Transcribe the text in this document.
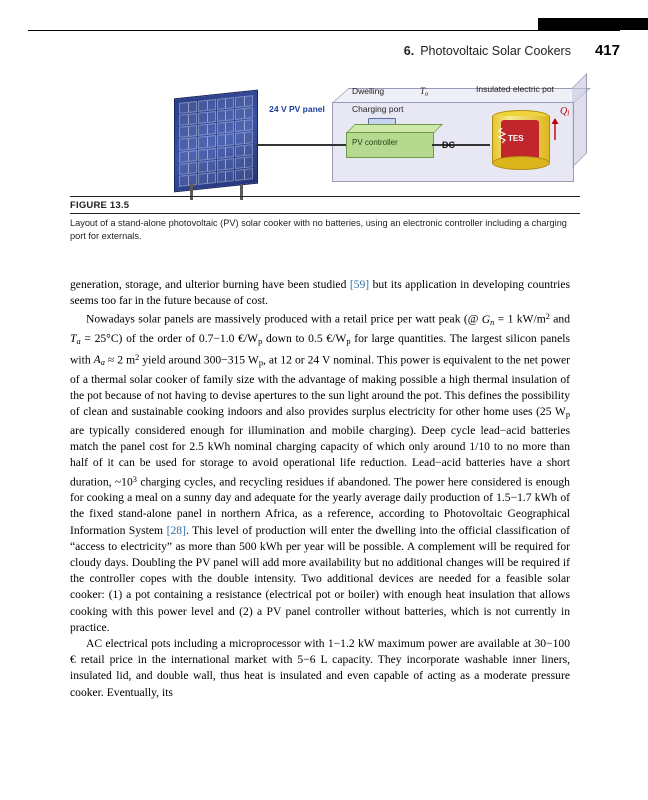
6. Photovoltaic Solar Cookers 417
24 V PV panel
Dwelling	$T_a$
Charging port
PV controller	DC
Insulated electric pot
TES
$Q_l$
FIGURE 13.5
Layout of a stand-alone photovoltaic (PV) solar cooker with no batteries, using an electronic controller including a charging port for externals.

generation, storage, and ulterior burning have been studied [59] but its application in developing countries seems too far in the future because of cost.

Nowadays solar panels are massively produced with a retail price per watt peak (@ $G_n = 1$ $kW/m^2$ and $T_a = 25^\circ C$) of the order of 0.7−1.0 $€/W_p$ down to 0.5 $€/W_p$ for large quantities. The largest silicon panels with $A_a \approx 2$ $m^2$ yield around 300−315 $W_p$, at 12 or 24 V nominal. This power is equivalent to the net power of a thermal solar cooker of family size with the advantage of making possible a high thermal insulation of the pot because of not having to devise apertures to the sun light around the pot. This defines the possibility of clean and sustainable cooking indoors and also provides surplus electricity for other home uses (25 $W_p$ are typically considered enough for illumination and mobile charging). Deep cycle lead−acid batteries match the panel cost for 2.5 kWh nominal charging capacity of which only around 1/10 to no more than half of it can be used for storage to avoid operational life reduction. Lead−acid batteries have a short duration, $\sim 10^3$ charging cycles, and recycling residues if abandoned. The power here considered is enough for cooking a meal on a sunny day and adequate for the yearly average daily production of 1.5−1.7 kWh of the fixed stand-alone panel in northern Africa, as a reference, according to Photovoltaic Geographical Information System [28]. This level of production will enter the dwelling into the official classification of “access to electricity” as more than 500 kWh per year will be possible. A complement will be required for cloudy days. Doubling the PV panel will add more availability but no additional changes will be required if the controller copes with the double intensity. Two additional devices are needed for a feasible solar cooker: (1) a pot containing a resistance (electrical pot or boiler) with enough heat insulation that allows cooking with this power level and (2) a PV panel controller without batteries, which is not currently in practice.

AC electrical pots including a microprocessor with 1−1.2 kW maximum power are available at 30−100 € retail price in the international market with 5−6 L capacity. They incorporate washable inner liners, insulated lid, and double wall, thus heat is insulated and even capable of acting as a moderate pressure cooker. Eventually, its
